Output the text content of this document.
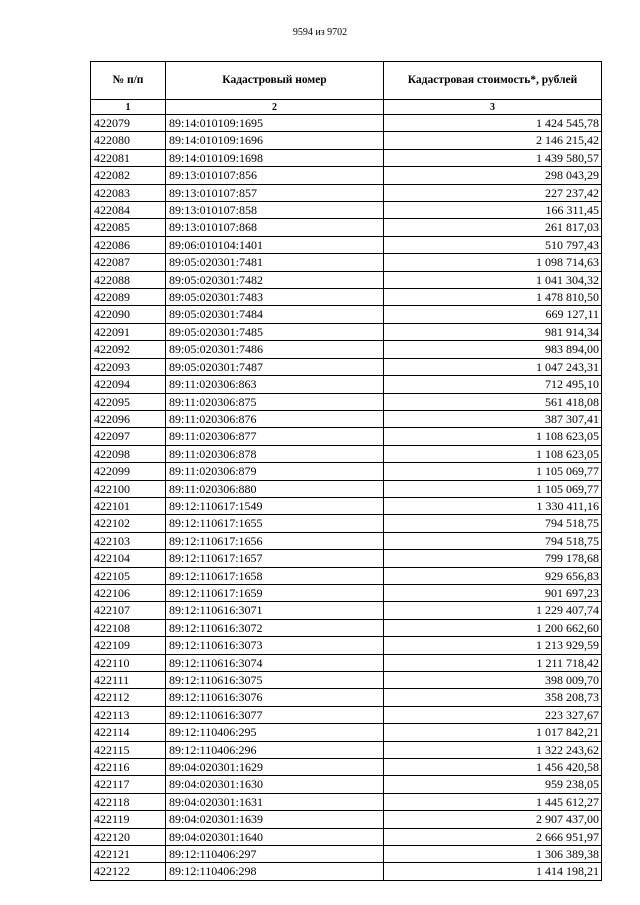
9594 из 9702
№ п/п	Кадастровый номер	Кадастровая стоимость*, рублей
1	2	3
422079	89:14:010109:1695	1 424 545,78
422080	89:14:010109:1696	2 146 215,42
422081	89:14:010109:1698	1 439 580,57
422082	89:13:010107:856	298 043,29
422083	89:13:010107:857	227 237,42
422084	89:13:010107:858	166 311,45
422085	89:13:010107:868	261 817,03
422086	89:06:010104:1401	510 797,43
422087	89:05:020301:7481	1 098 714,63
422088	89:05:020301:7482	1 041 304,32
422089	89:05:020301:7483	1 478 810,50
422090	89:05:020301:7484	669 127,11
422091	89:05:020301:7485	981 914,34
422092	89:05:020301:7486	983 894,00
422093	89:05:020301:7487	1 047 243,31
422094	89:11:020306:863	712 495,10
422095	89:11:020306:875	561 418,08
422096	89:11:020306:876	387 307,41
422097	89:11:020306:877	1 108 623,05
422098	89:11:020306:878	1 108 623,05
422099	89:11:020306:879	1 105 069,77
422100	89:11:020306:880	1 105 069,77
422101	89:12:110617:1549	1 330 411,16
422102	89:12:110617:1655	794 518,75
422103	89:12:110617:1656	794 518,75
422104	89:12:110617:1657	799 178,68
422105	89:12:110617:1658	929 656,83
422106	89:12:110617:1659	901 697,23
422107	89:12:110616:3071	1 229 407,74
422108	89:12:110616:3072	1 200 662,60
422109	89:12:110616:3073	1 213 929,59
422110	89:12:110616:3074	1 211 718,42
422111	89:12:110616:3075	398 009,70
422112	89:12:110616:3076	358 208,73
422113	89:12:110616:3077	223 327,67
422114	89:12:110406:295	1 017 842,21
422115	89:12:110406:296	1 322 243,62
422116	89:04:020301:1629	1 456 420,58
422117	89:04:020301:1630	959 238,05
422118	89:04:020301:1631	1 445 612,27
422119	89:04:020301:1639	2 907 437,00
422120	89:04:020301:1640	2 666 951,97
422121	89:12:110406:297	1 306 389,38
422122	89:12:110406:298	1 414 198,21
